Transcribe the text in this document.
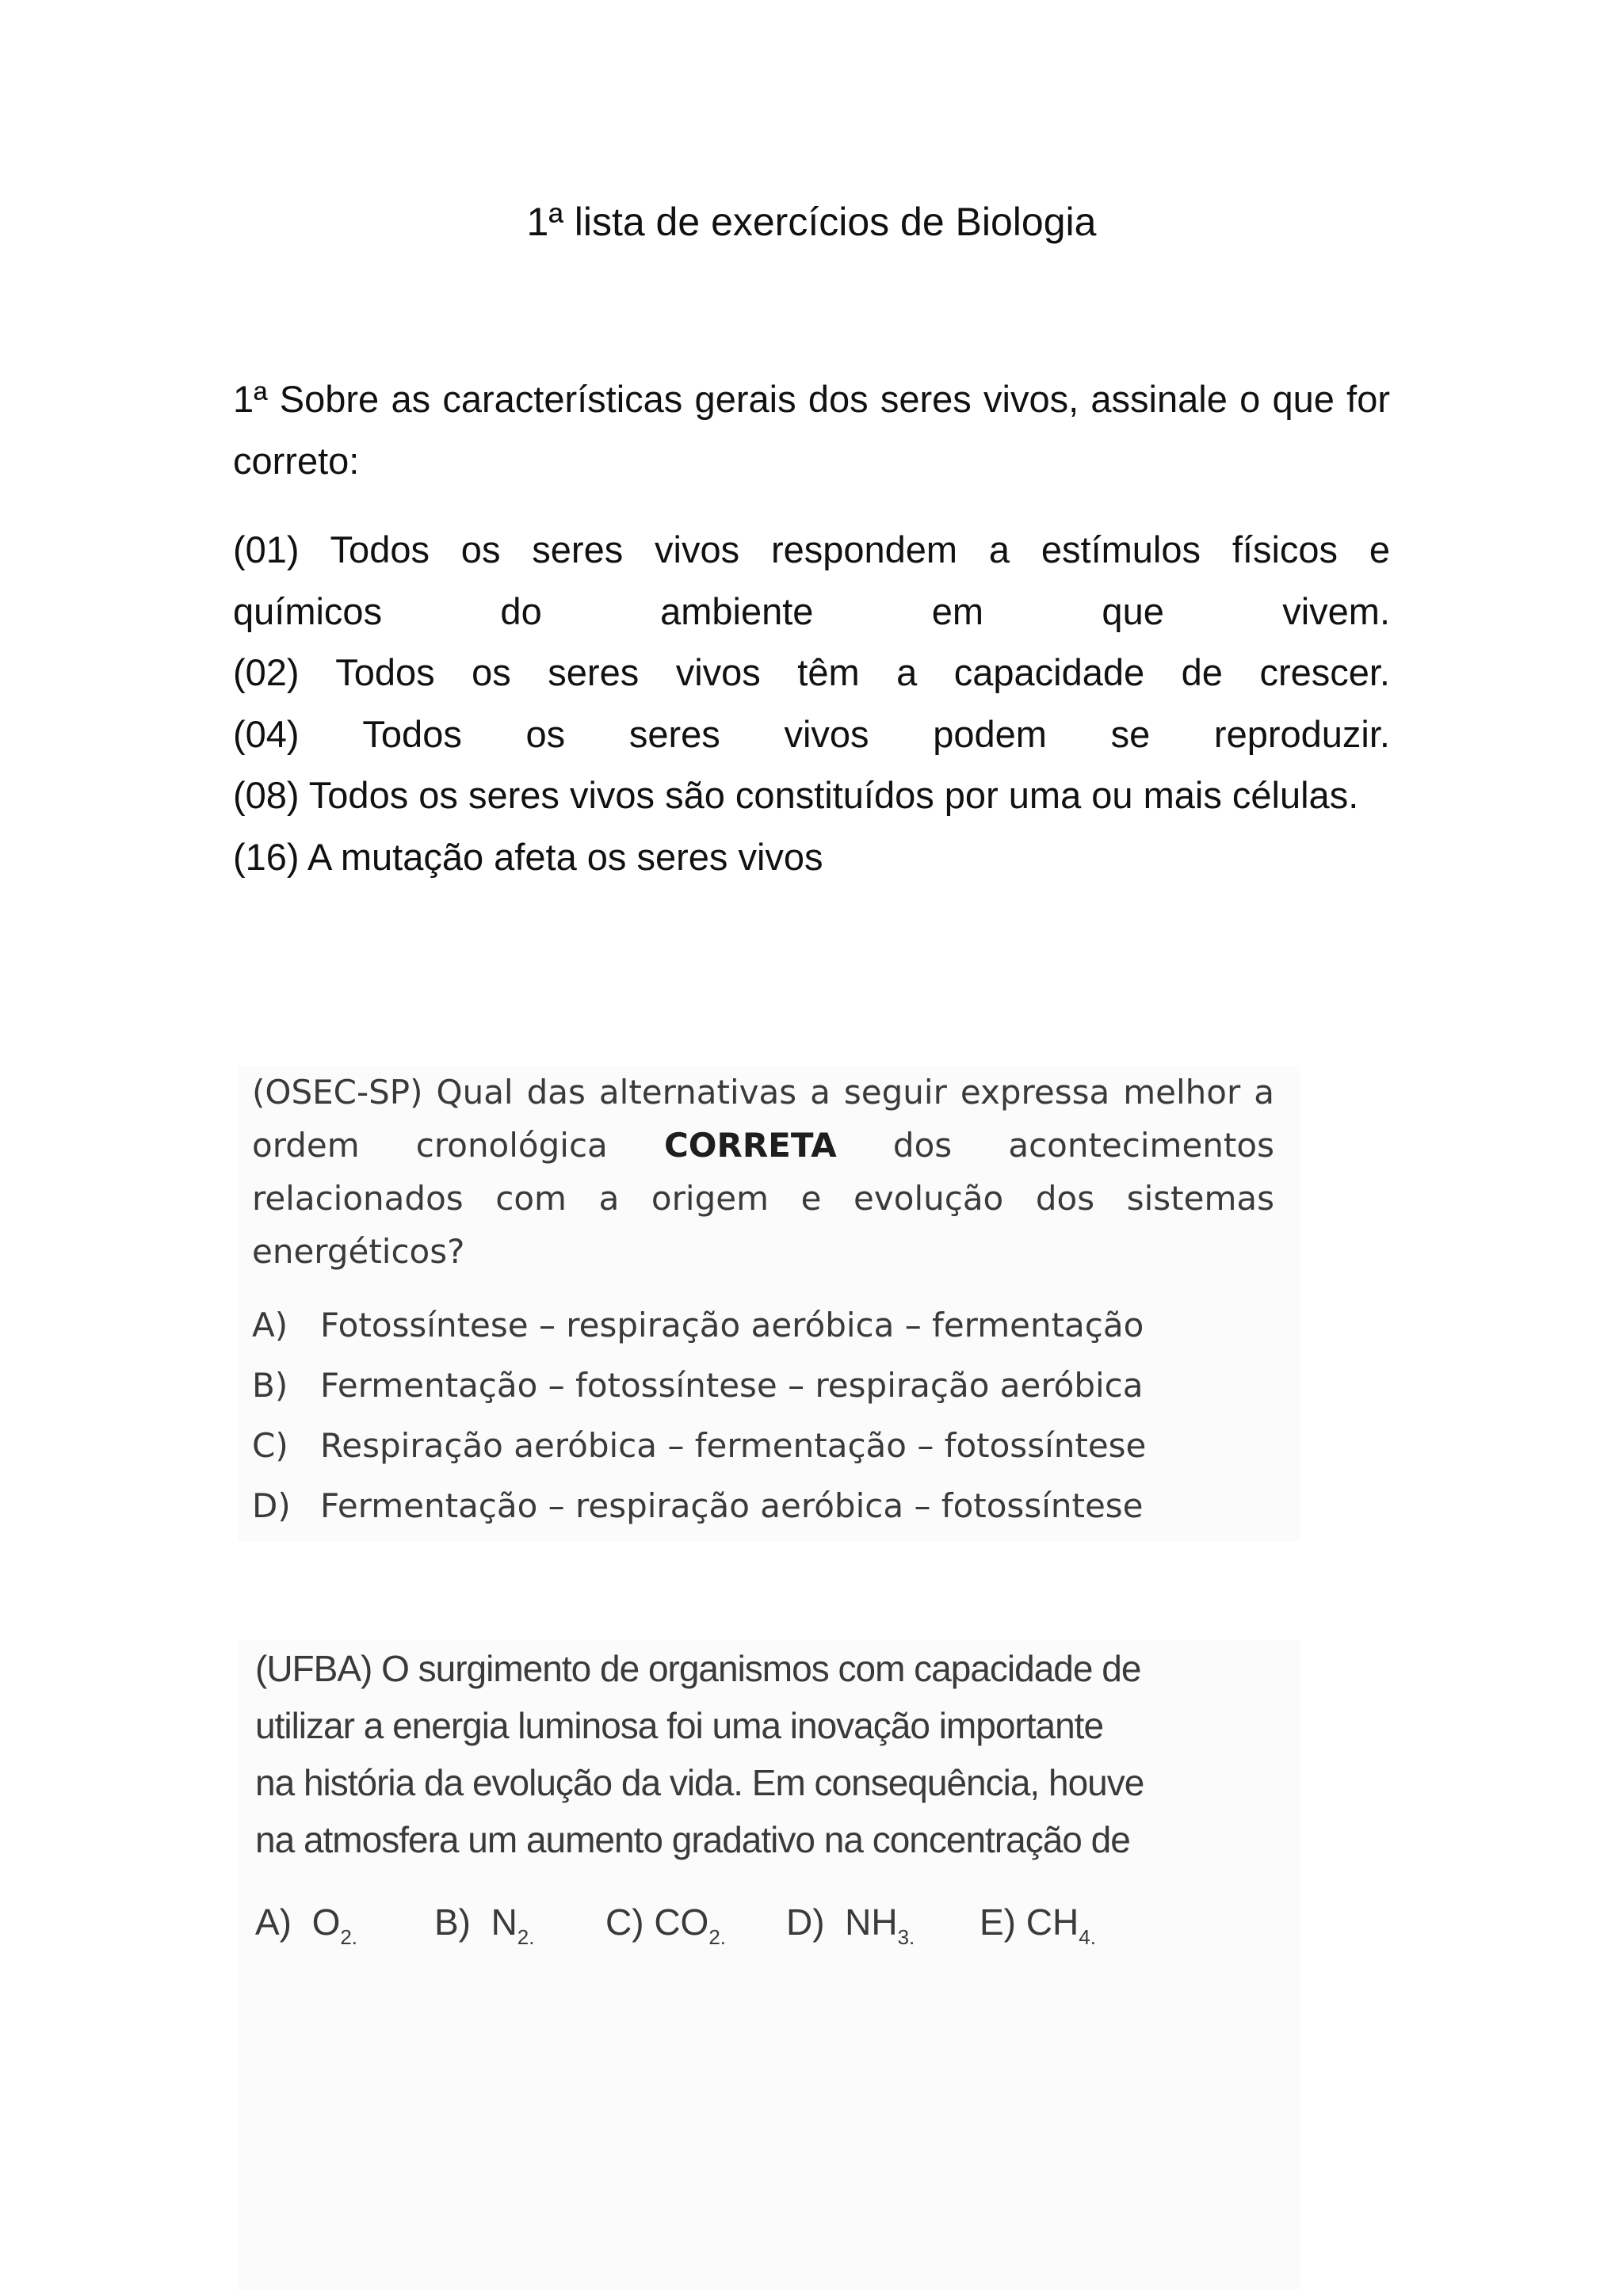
1ª lista de exercícios de Biologia

1ª Sobre as características gerais dos seres vivos, assinale o que for correto:

(01) Todos os seres vivos respondem a estímulos físicos e
químicos do ambiente em que vivem.
(02) Todos os seres vivos têm a capacidade de crescer.
(04) Todos os seres vivos podem se reproduzir.
(08) Todos os seres vivos são constituídos por uma ou mais células.
(16) A mutação afeta os seres vivos
(OSEC-SP) Qual das alternativas a seguir expressa melhor a ordem cronológica CORRETA dos acontecimentos relacionados com a origem e evolução dos sistemas energéticos?
A) Fotossíntese – respiração aeróbica – fermentação
B) Fermentação – fotossíntese – respiração aeróbica
C) Respiração aeróbica – fermentação – fotossíntese
D) Fermentação – respiração aeróbica – fotossíntese
(UFBA) O surgimento de organismos com capacidade de
utilizar a energia luminosa foi uma inovação importante
na história da evolução da vida. Em consequência, houve
na atmosfera um aumento gradativo na concentração de
A) $O_{2.}$ B) $N_{2.}$ C) $CO_{2.}$ D) $NH_{3.}$ E) $CH_{4.}$
